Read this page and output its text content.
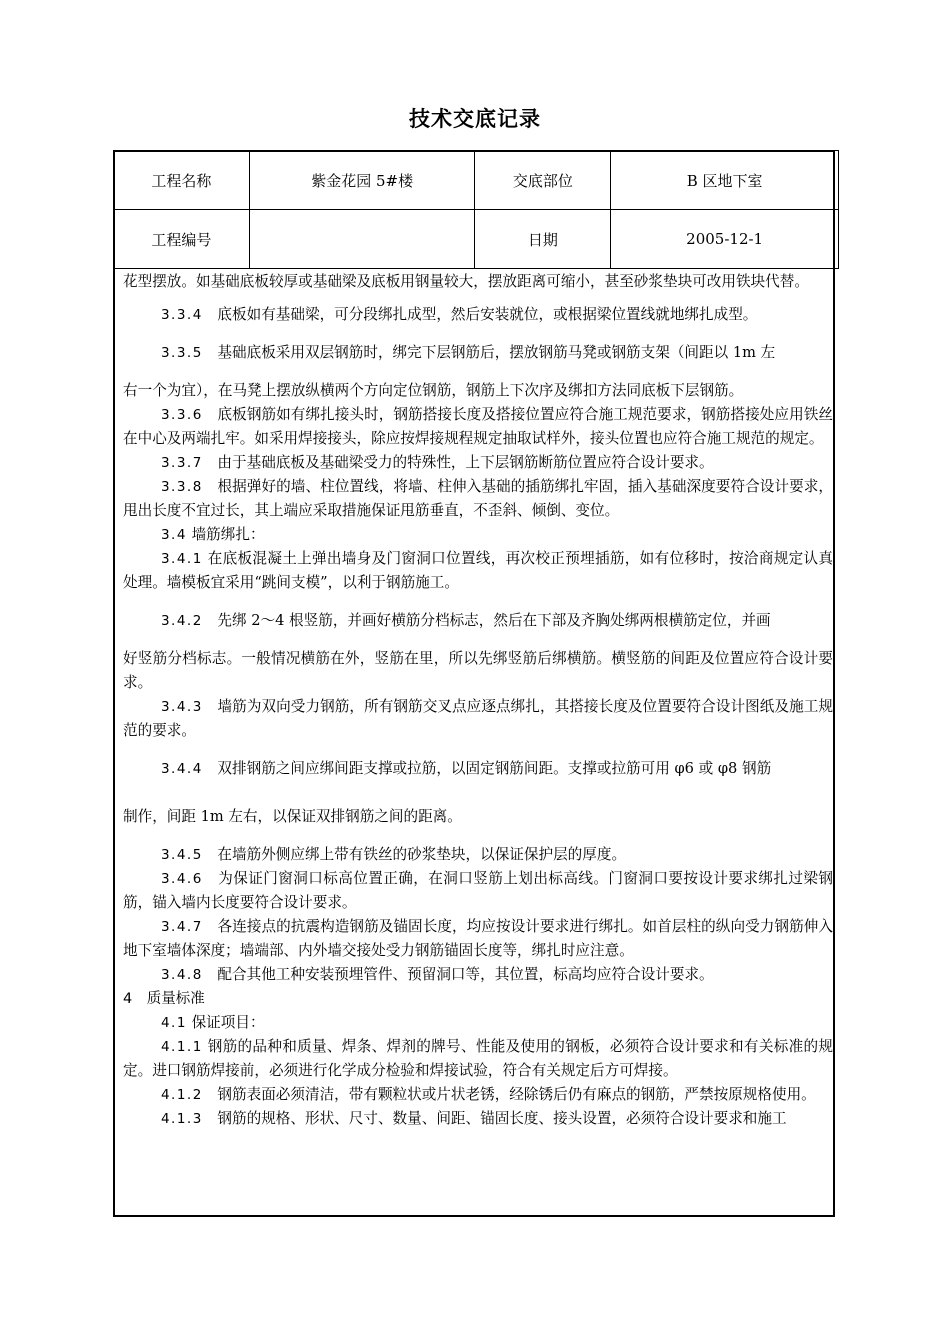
技术交底记录
工程名称	紫金花园 5#楼	交底部位	B 区地下室
工程编号		日期	2005-12-1

花型摆放。如基础底板较厚或基础梁及底板用钢量较大，摆放距离可缩小，甚至砂浆垫块可改用铁块代替。

3.3.4　底板如有基础梁，可分段绑扎成型，然后安装就位，或根据梁位置线就地绑扎成型。

3.3.5　基础底板采用双层钢筋时，绑完下层钢筋后，摆放钢筋马凳或钢筋支架（间距以 1m 左

右一个为宜），在马凳上摆放纵横两个方向定位钢筋，钢筋上下次序及绑扣方法同底板下层钢筋。

3.3.6　底板钢筋如有绑扎接头时，钢筋搭接长度及搭接位置应符合施工规范要求，钢筋搭接处应用铁丝在中心及两端扎牢。如采用焊接接头，除应按焊接规程规定抽取试样外，接头位置也应符合施工规范的规定。

3.3.7　由于基础底板及基础梁受力的特殊性，上下层钢筋断筋位置应符合设计要求。

3.3.8　根据弹好的墙、柱位置线，将墙、柱伸入基础的插筋绑扎牢固，插入基础深度要符合设计要求，甩出长度不宜过长，其上端应采取措施保证甩筋垂直，不歪斜、倾倒、变位。

3.4 墙筋绑扎：

3.4.1 在底板混凝土上弹出墙身及门窗洞口位置线，再次校正预埋插筋，如有位移时，按洽商规定认真处理。墙模板宜采用“跳间支模”，以利于钢筋施工。

3.4.2　先绑 2～4 根竖筋，并画好横筋分档标志，然后在下部及齐胸处绑两根横筋定位，并画

好竖筋分档标志。一般情况横筋在外，竖筋在里，所以先绑竖筋后绑横筋。横竖筋的间距及位置应符合设计要求。

3.4.3　墙筋为双向受力钢筋，所有钢筋交叉点应逐点绑扎，其搭接长度及位置要符合设计图纸及施工规范的要求。

3.4.4　双排钢筋之间应绑间距支撑或拉筋，以固定钢筋间距。支撑或拉筋可用 φ6 或 φ8 钢筋

制作，间距 1m 左右，以保证双排钢筋之间的距离。

3.4.5　在墙筋外侧应绑上带有铁丝的砂浆垫块，以保证保护层的厚度。

3.4.6　为保证门窗洞口标高位置正确，在洞口竖筋上划出标高线。门窗洞口要按设计要求绑扎过梁钢筋，锚入墙内长度要符合设计要求。

3.4.7　各连接点的抗震构造钢筋及锚固长度，均应按设计要求进行绑扎。如首层柱的纵向受力钢筋伸入地下室墙体深度；墙端部、内外墙交接处受力钢筋锚固长度等，绑扎时应注意。

3.4.8　配合其他工种安装预埋管件、预留洞口等，其位置，标高均应符合设计要求。

4　质量标准

4.1 保证项目：

4.1.1 钢筋的品种和质量、焊条、焊剂的牌号、性能及使用的钢板，必须符合设计要求和有关标准的规定。进口钢筋焊接前，必须进行化学成分检验和焊接试验，符合有关规定后方可焊接。

4.1.2　钢筋表面必须清洁，带有颗粒状或片状老锈，经除锈后仍有麻点的钢筋，严禁按原规格使用。

4.1.3　钢筋的规格、形状、尺寸、数量、间距、锚固长度、接头设置，必须符合设计要求和施工
